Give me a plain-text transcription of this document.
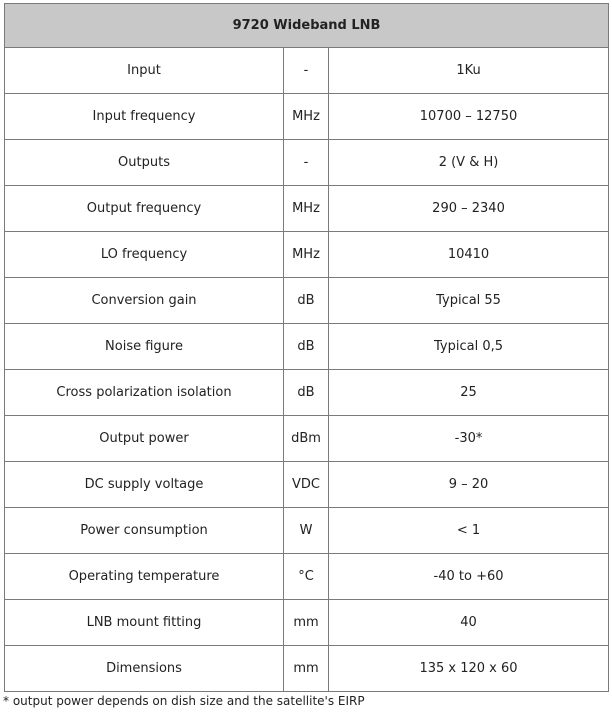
9720 Wideband LNB		
Input	-	1Ku
Input frequency	MHz	10700 – 12750
Outputs	-	2 (V & H)
Output frequency	MHz	290 – 2340
LO frequency	MHz	10410
Conversion gain	dB	Typical 55
Noise figure	dB	Typical 0,5
Cross polarization isolation	dB	25
Output power	dBm	-30*
DC supply voltage	VDC	9 – 20
Power consumption	W	< 1
Operating temperature	°C	-40 to +60
LNB mount fitting	mm	40
Dimensions	mm	135 x 120 x 60
* output power depends on dish size and the satellite's EIRP
